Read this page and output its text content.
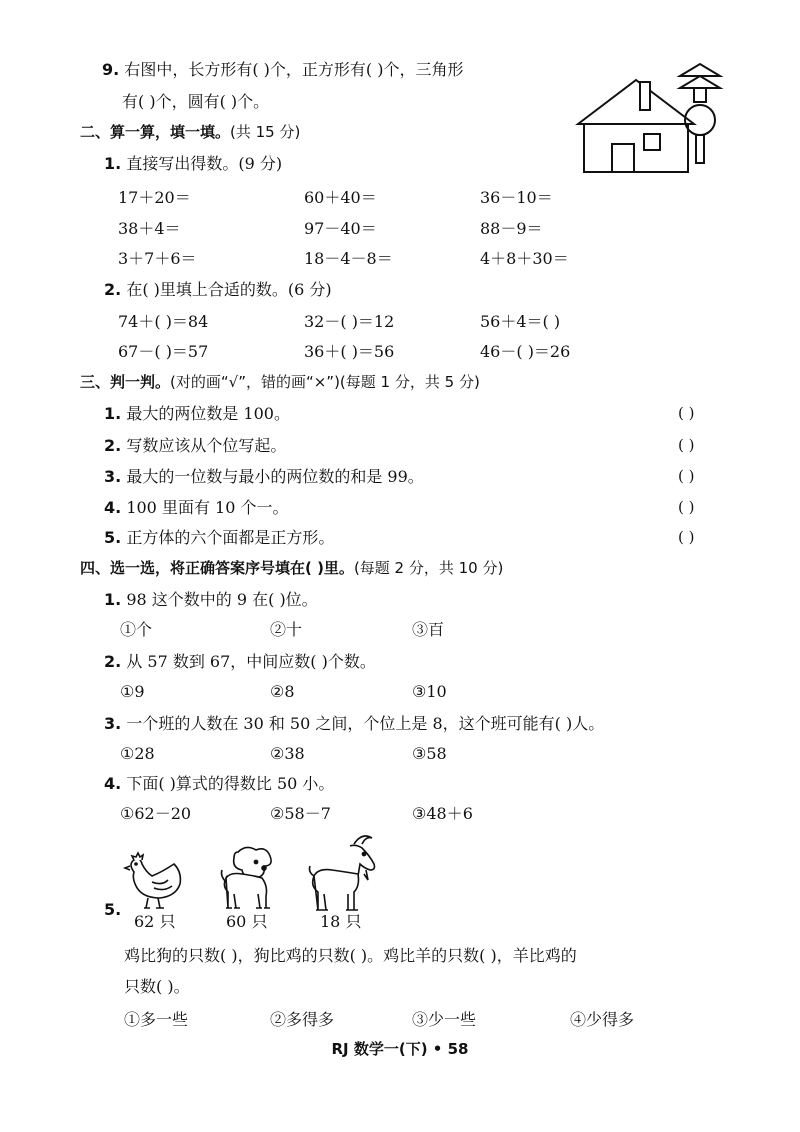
9. 右图中，长方形有( )个，正方形有( )个，三角形
有( )个，圆有( )个。
二、算一算，填一填。(共 15 分)
1. 直接写出得数。(9 分)
17＋20＝	60＋40＝	36－10＝
38＋4＝	97－40＝	88－9＝
3＋7＋6＝	18－4－8＝	4＋8＋30＝
2. 在( )里填上合适的数。(6 分)
74＋( )＝84	32－( )＝12	56＋4＝( )
67－( )＝57	36＋( )＝56	46－( )＝26
三、判一判。(对的画“√”，错的画“×”)(每题 1 分，共 5 分)
1. 最大的两位数是 100。	( )
2. 写数应该从个位写起。	( )
3. 最大的一位数与最小的两位数的和是 99。	( )
4. 100 里面有 10 个一。	( )
5. 正方体的六个面都是正方形。	( )
四、选一选，将正确答案序号填在( )里。(每题 2 分，共 10 分)
1. 98 这个数中的 9 在( )位。
①个	②十	③百
2. 从 57 数到 67，中间应数( )个数。
①9	②8	③10
3. 一个班的人数在 30 和 50 之间，个位上是 8，这个班可能有( )人。
①28	②38	③58
4. 下面( )算式的得数比 50 小。
①62－20	②58－7	③48＋6
5.
62 只	60 只	18 只
鸡比狗的只数( )，狗比鸡的只数( )。鸡比羊的只数( )，羊比鸡的
只数( )。
①多一些	②多得多	③少一些	④少得多
RJ 数学一(下) • 58
